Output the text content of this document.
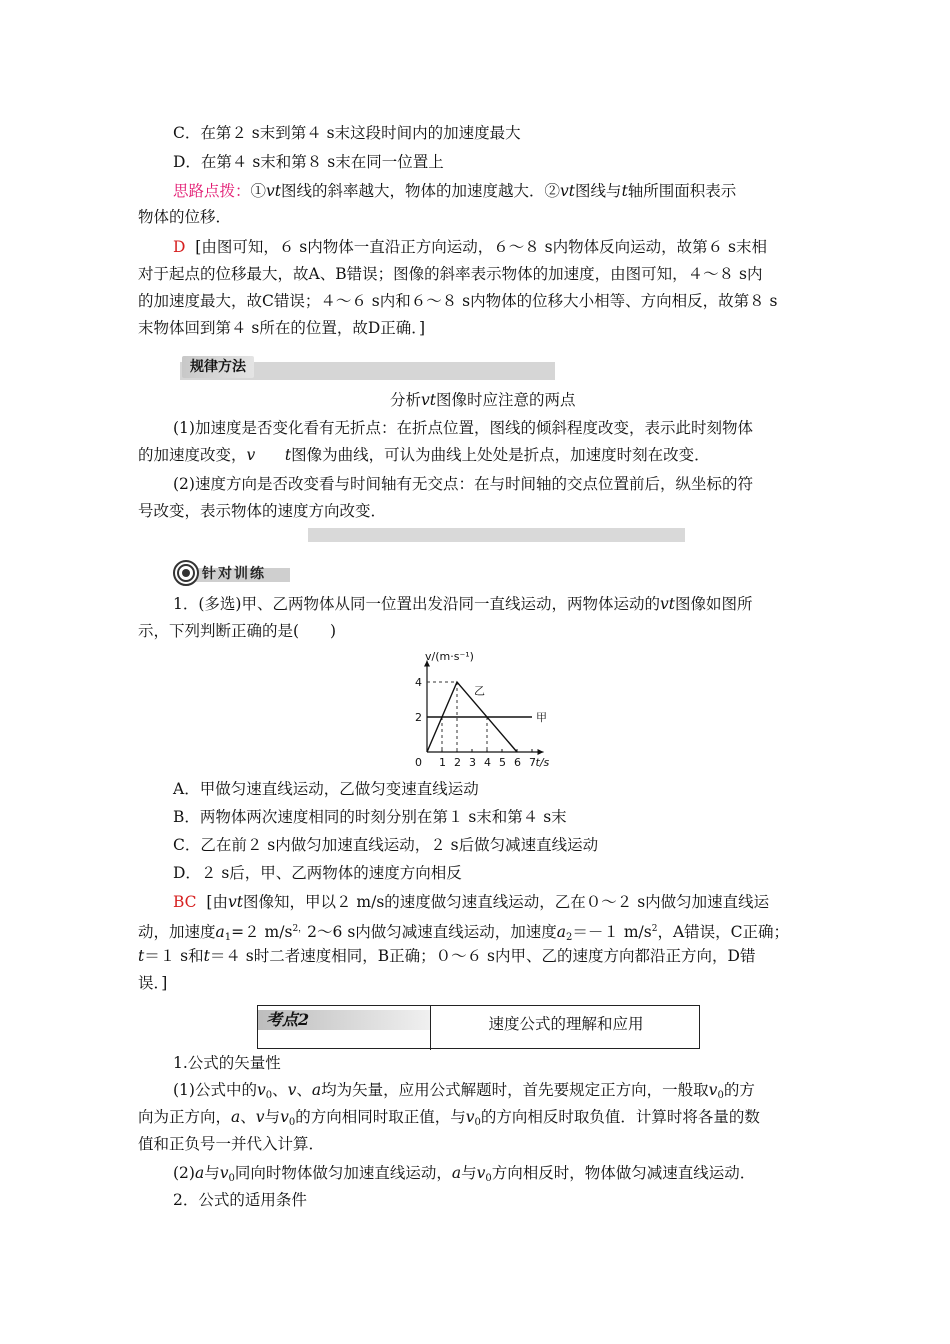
C．在第２ s末到第４ s末这段时间内的加速度最大
D．在第４ s末和第８ s末在同一位置上
思路点拨：①vt图线的斜率越大，物体的加速度越大．②vt图线与t轴所围面积表示
物体的位移．
D [由图可知，６ s内物体一直沿正方向运动，６～８ s内物体反向运动，故第６ s末相
对于起点的位移最大，故A、B错误；图像的斜率表示物体的加速度，由图可知，４～８ s内
的加速度最大，故C错误；４～６ s内和６～８ s内物体的位移大小相等、方向相反，故第８ s
末物体回到第４ s所在的位置，故D正确．]
规律方法
分析vt图像时应注意的两点
(1)加速度是否变化看有无折点：在折点位置，图线的倾斜程度改变，表示此时刻物体
的加速度改变，v t图像为曲线，可认为曲线上处处是折点，加速度时刻在改变．
(2)速度方向是否改变看与时间轴有无交点：在与时间轴的交点位置前后，纵坐标的符
号改变，表示物体的速度方向改变．
针对训练
1．(多选)甲、乙两物体从同一位置出发沿同一直线运动，两物体运动的vt图像如图所
示，下列判断正确的是(　　)
v/(m·s⁻¹)
t/s
0 1 2 3 4 5 6 7
2
4
甲
乙
A．甲做匀速直线运动，乙做匀变速直线运动
B．两物体两次速度相同的时刻分别在第１ s末和第４ s末
C．乙在前２ s内做匀加速直线运动，２ s后做匀减速直线运动
D．２ s后，甲、乙两物体的速度方向相反
BC [由vt图像知，甲以２ m/s的速度做匀速直线运动，乙在０～２ s内做匀加速直线运
动，加速度$a_1=2$ $m/s^{2,}2\sim 6$ s内做匀减速直线运动，加速度$a_2=-1$ $m/s^2$，A错误，C正确；
t＝１ s和t＝４ s时二者速度相同，B正确；０～６ s内甲、乙的速度方向都沿正方向，D错
误．]
考点2	速度公式的理解和应用
1.公式的矢量性
(1)公式中的$v_0$、v、a均为矢量，应用公式解题时，首先要规定正方向，一般取$v_0$的方
向为正方向，a、v与$v_0$的方向相同时取正值，与$v_0$的方向相反时取负值．计算时将各量的数
值和正负号一并代入计算．
(2)a与$v_0$同向时物体做匀加速直线运动，a与$v_0$方向相反时，物体做匀减速直线运动．
2．公式的适用条件
